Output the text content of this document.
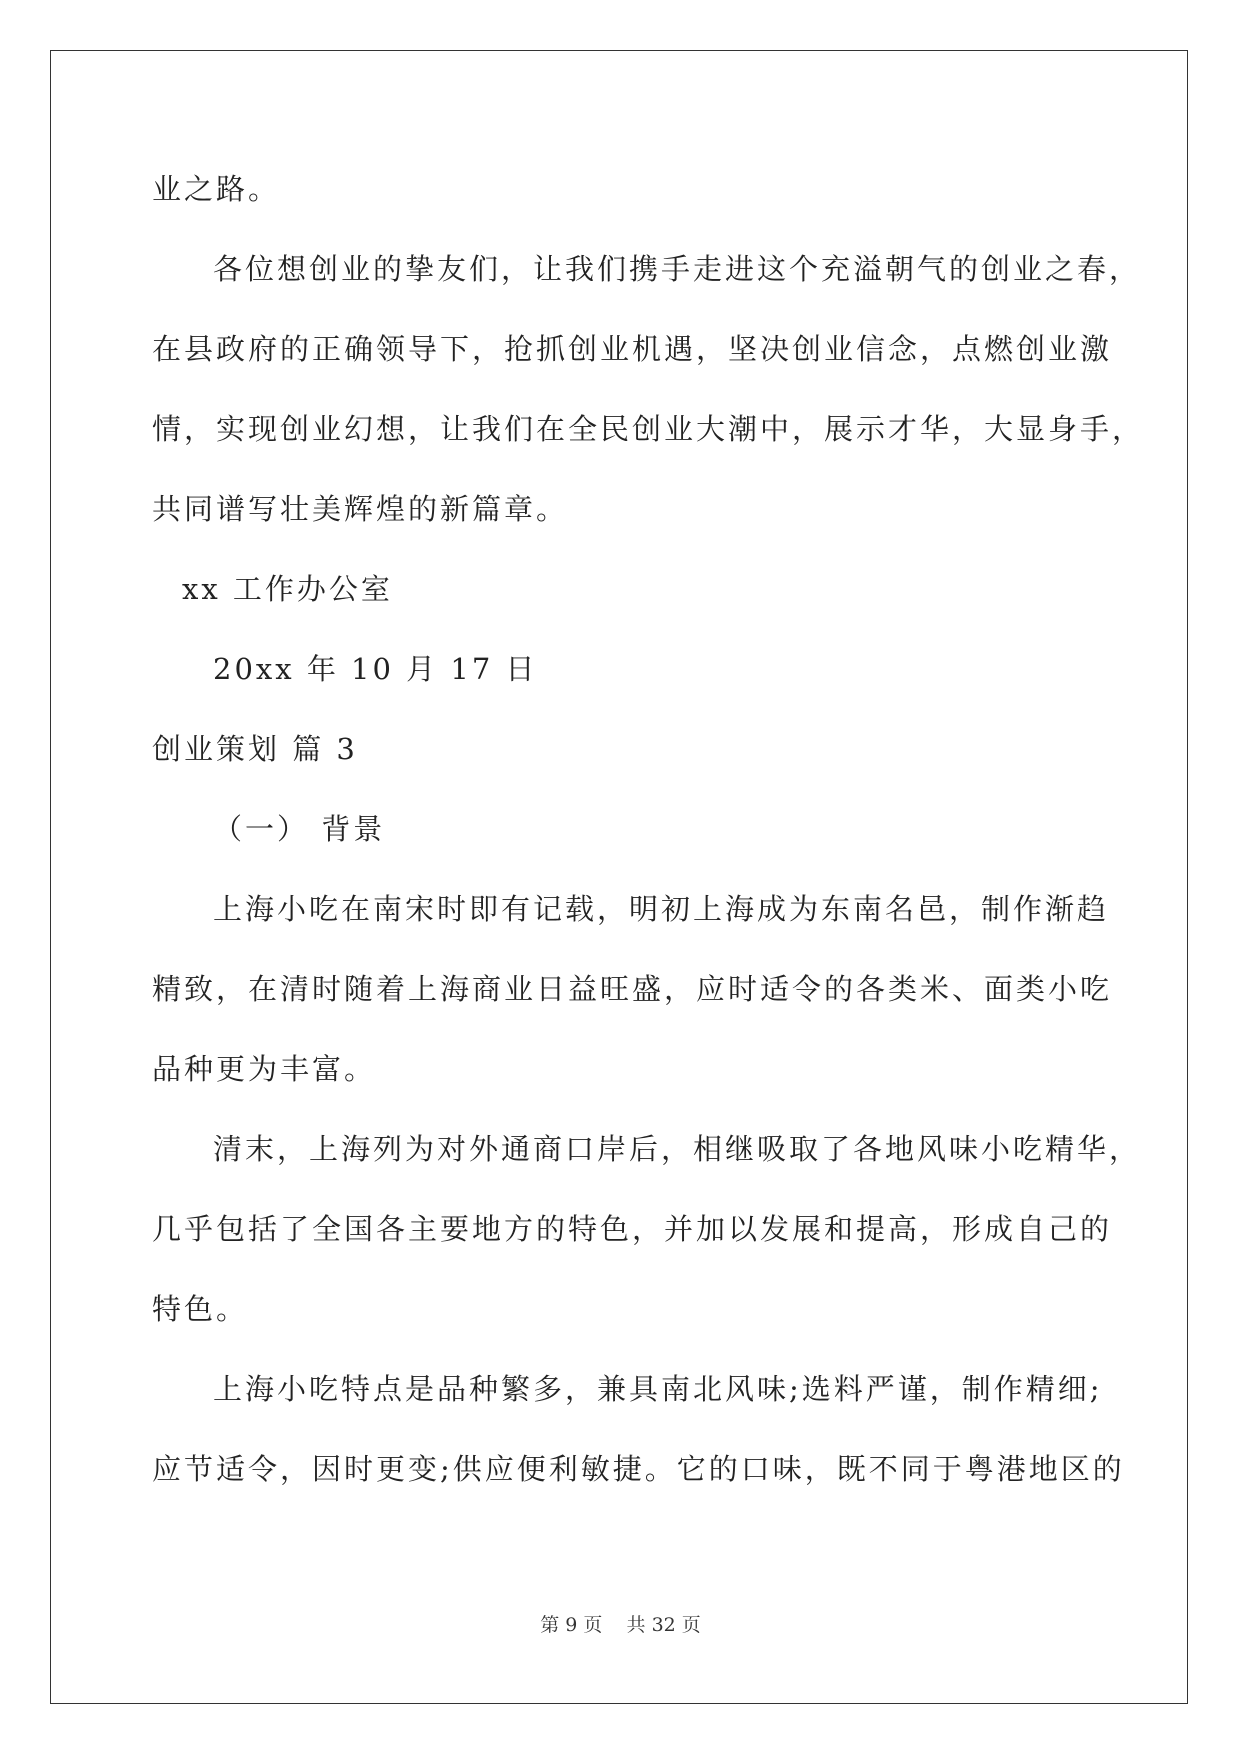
业之路。
各位想创业的挚友们，让我们携手走进这个充溢朝气的创业之春，
在县政府的正确领导下，抢抓创业机遇，坚决创业信念，点燃创业激
情，实现创业幻想，让我们在全民创业大潮中，展示才华，大显身手，
共同谱写壮美辉煌的新篇章。
xx 工作办公室
20xx 年 10 月 17 日
创业策划 篇 3
（一） 背景
上海小吃在南宋时即有记载，明初上海成为东南名邑，制作渐趋
精致，在清时随着上海商业日益旺盛，应时适令的各类米、面类小吃
品种更为丰富。
清末，上海列为对外通商口岸后，相继吸取了各地风味小吃精华，
几乎包括了全国各主要地方的特色，并加以发展和提高，形成自己的
特色。
上海小吃特点是品种繁多，兼具南北风味;选料严谨，制作精细;
应节适令，因时更变;供应便利敏捷。它的口味，既不同于粤港地区的
第 9 页    共 32 页
